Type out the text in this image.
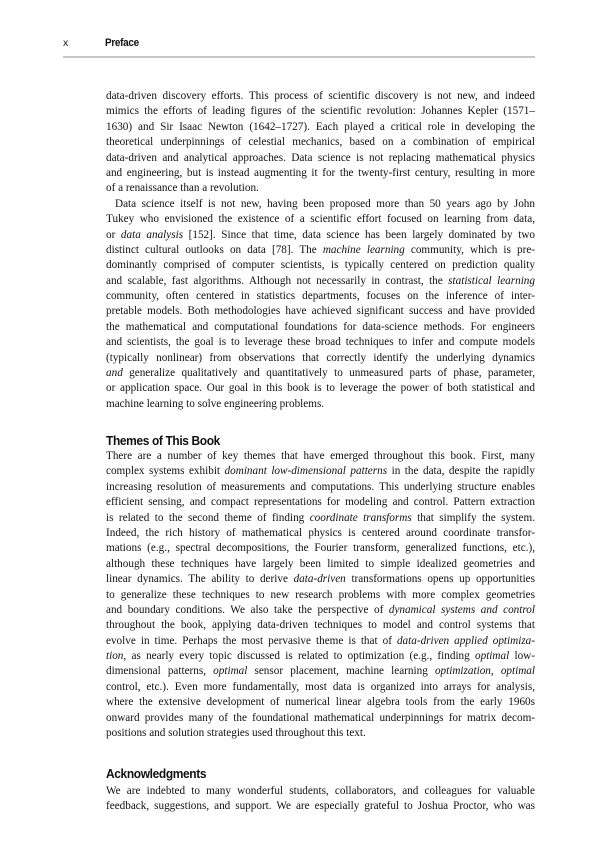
x	Preface
data-driven discovery efforts. This process of scientific discovery is not new, and indeed
mimics the efforts of leading figures of the scientific revolution: Johannes Kepler (1571–
1630) and Sir Isaac Newton (1642–1727). Each played a critical role in developing the
theoretical underpinnings of celestial mechanics, based on a combination of empirical
data-driven and analytical approaches. Data science is not replacing mathematical physics
and engineering, but is instead augmenting it for the twenty-first century, resulting in more
of a renaissance than a revolution.
Data science itself is not new, having been proposed more than 50 years ago by John
Tukey who envisioned the existence of a scientific effort focused on learning from data,
or data analysis [152]. Since that time, data science has been largely dominated by two
distinct cultural outlooks on data [78]. The machine learning community, which is pre-
dominantly comprised of computer scientists, is typically centered on prediction quality
and scalable, fast algorithms. Although not necessarily in contrast, the statistical learning
community, often centered in statistics departments, focuses on the inference of inter-
pretable models. Both methodologies have achieved significant success and have provided
the mathematical and computational foundations for data-science methods. For engineers
and scientists, the goal is to leverage these broad techniques to infer and compute models
(typically nonlinear) from observations that correctly identify the underlying dynamics
and generalize qualitatively and quantitatively to unmeasured parts of phase, parameter,
or application space. Our goal in this book is to leverage the power of both statistical and
machine learning to solve engineering problems.
Themes of This Book
There are a number of key themes that have emerged throughout this book. First, many
complex systems exhibit dominant low-dimensional patterns in the data, despite the rapidly
increasing resolution of measurements and computations. This underlying structure enables
efficient sensing, and compact representations for modeling and control. Pattern extraction
is related to the second theme of finding coordinate transforms that simplify the system.
Indeed, the rich history of mathematical physics is centered around coordinate transfor-
mations (e.g., spectral decompositions, the Fourier transform, generalized functions, etc.),
although these techniques have largely been limited to simple idealized geometries and
linear dynamics. The ability to derive data-driven transformations opens up opportunities
to generalize these techniques to new research problems with more complex geometries
and boundary conditions. We also take the perspective of dynamical systems and control
throughout the book, applying data-driven techniques to model and control systems that
evolve in time. Perhaps the most pervasive theme is that of data-driven applied optimiza-
tion, as nearly every topic discussed is related to optimization (e.g., finding optimal low-
dimensional patterns, optimal sensor placement, machine learning optimization, optimal
control, etc.). Even more fundamentally, most data is organized into arrays for analysis,
where the extensive development of numerical linear algebra tools from the early 1960s
onward provides many of the foundational mathematical underpinnings for matrix decom-
positions and solution strategies used throughout this text.
Acknowledgments
We are indebted to many wonderful students, collaborators, and colleagues for valuable
feedback, suggestions, and support. We are especially grateful to Joshua Proctor, who was
